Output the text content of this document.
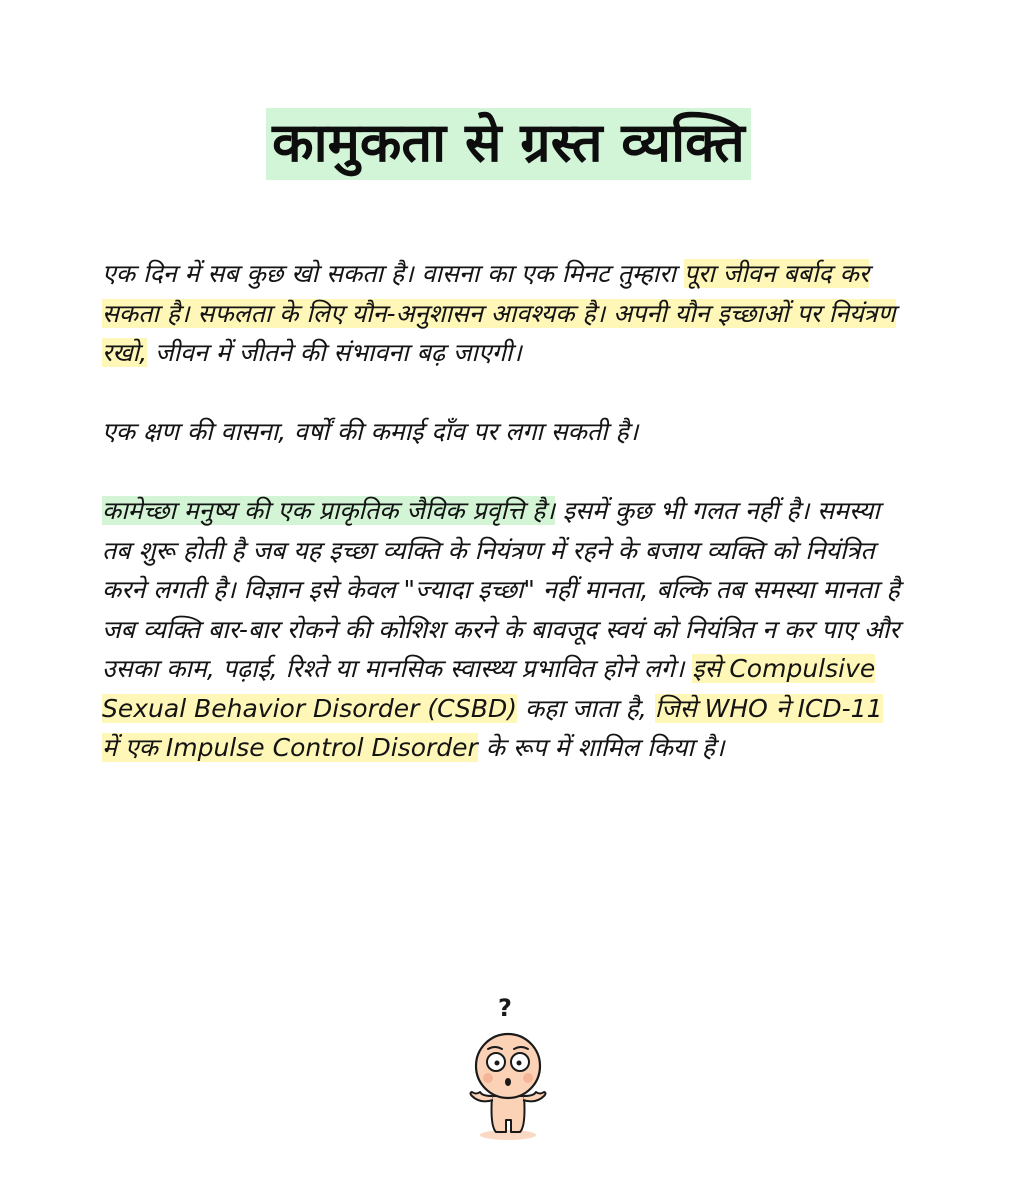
कामुकता से ग्रस्त व्यक्ति

एक दिन में सब कुछ खो सकता है। वासना का एक मिनट तुम्हारा पूरा जीवन बर्बाद कर सकता है। सफलता के लिए यौन-अनुशासन आवश्यक है। अपनी यौन इच्छाओं पर नियंत्रण रखो, जीवन में जीतने की संभावना बढ़ जाएगी।

एक क्षण की वासना, वर्षों की कमाई दाँव पर लगा सकती है।

कामेच्छा मनुष्य की एक प्राकृतिक जैविक प्रवृत्ति है। इसमें कुछ भी गलत नहीं है। समस्या तब शुरू होती है जब यह इच्छा व्यक्ति के नियंत्रण में रहने के बजाय व्यक्ति को नियंत्रित करने लगती है। विज्ञान इसे केवल "ज्यादा इच्छा" नहीं मानता, बल्कि तब समस्या मानता है जब व्यक्ति बार-बार रोकने की कोशिश करने के बावजूद स्वयं को नियंत्रित न कर पाए और उसका काम, पढ़ाई, रिश्ते या मानसिक स्वास्थ्य प्रभावित होने लगे। इसे Compulsive Sexual Behavior Disorder (CSBD) कहा जाता है, जिसे WHO ने ICD-11 में एक Impulse Control Disorder के रूप में शामिल किया है।

?
